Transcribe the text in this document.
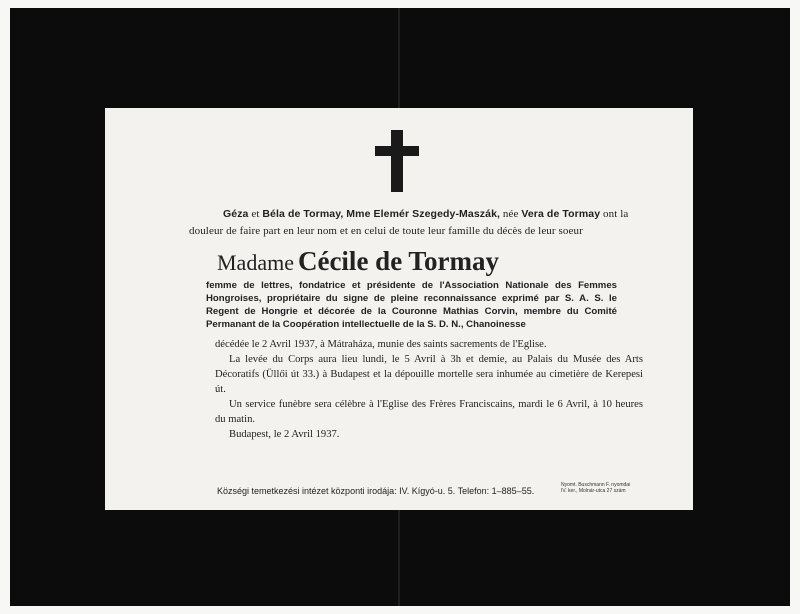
Géza et Béla de Tormay, Mme Elemér Szegedy-Maszák, née Vera de Tormay ont la
douleur de faire part en leur nom et en celui de toute leur famille du décès de leur soeur
Madame Cécile de Tormay
femme de lettres, fondatrice et présidente de l'Association Nationale des Femmes
Hongroises, propriétaire du signe de pleine reconnaissance exprimé par S. A. S. le
Regent de Hongrie et décorée de la Couronne Mathias Corvin, membre du Comité
Permanant de la Coopération intellectuelle de la S. D. N., Chanoinesse
décédée le 2 Avril 1937, à Mátraháza, munie des saints sacrements de l'Eglise.
La levée du Corps aura lieu lundi, le 5 Avril à 3h et demie, au Palais du Musée des Arts Décoratifs (Üllői út 33.) à Budapest et la dépouille mortelle sera inhumée au cimetière de Kerepesi út.
Un service funèbre sera célèbre à l'Eglise des Frères Franciscains, mardi le 6 Avril, à 10 heures du matin.
Budapest, le 2 Avril 1937.
Községi temetkezési intézet központi irodája: IV. Kígyó-u. 5. Telefon: 1–885–55.
Nyomt. Buschmann F. nyomdai
IV. ker., Molnár-utca 27 szám
